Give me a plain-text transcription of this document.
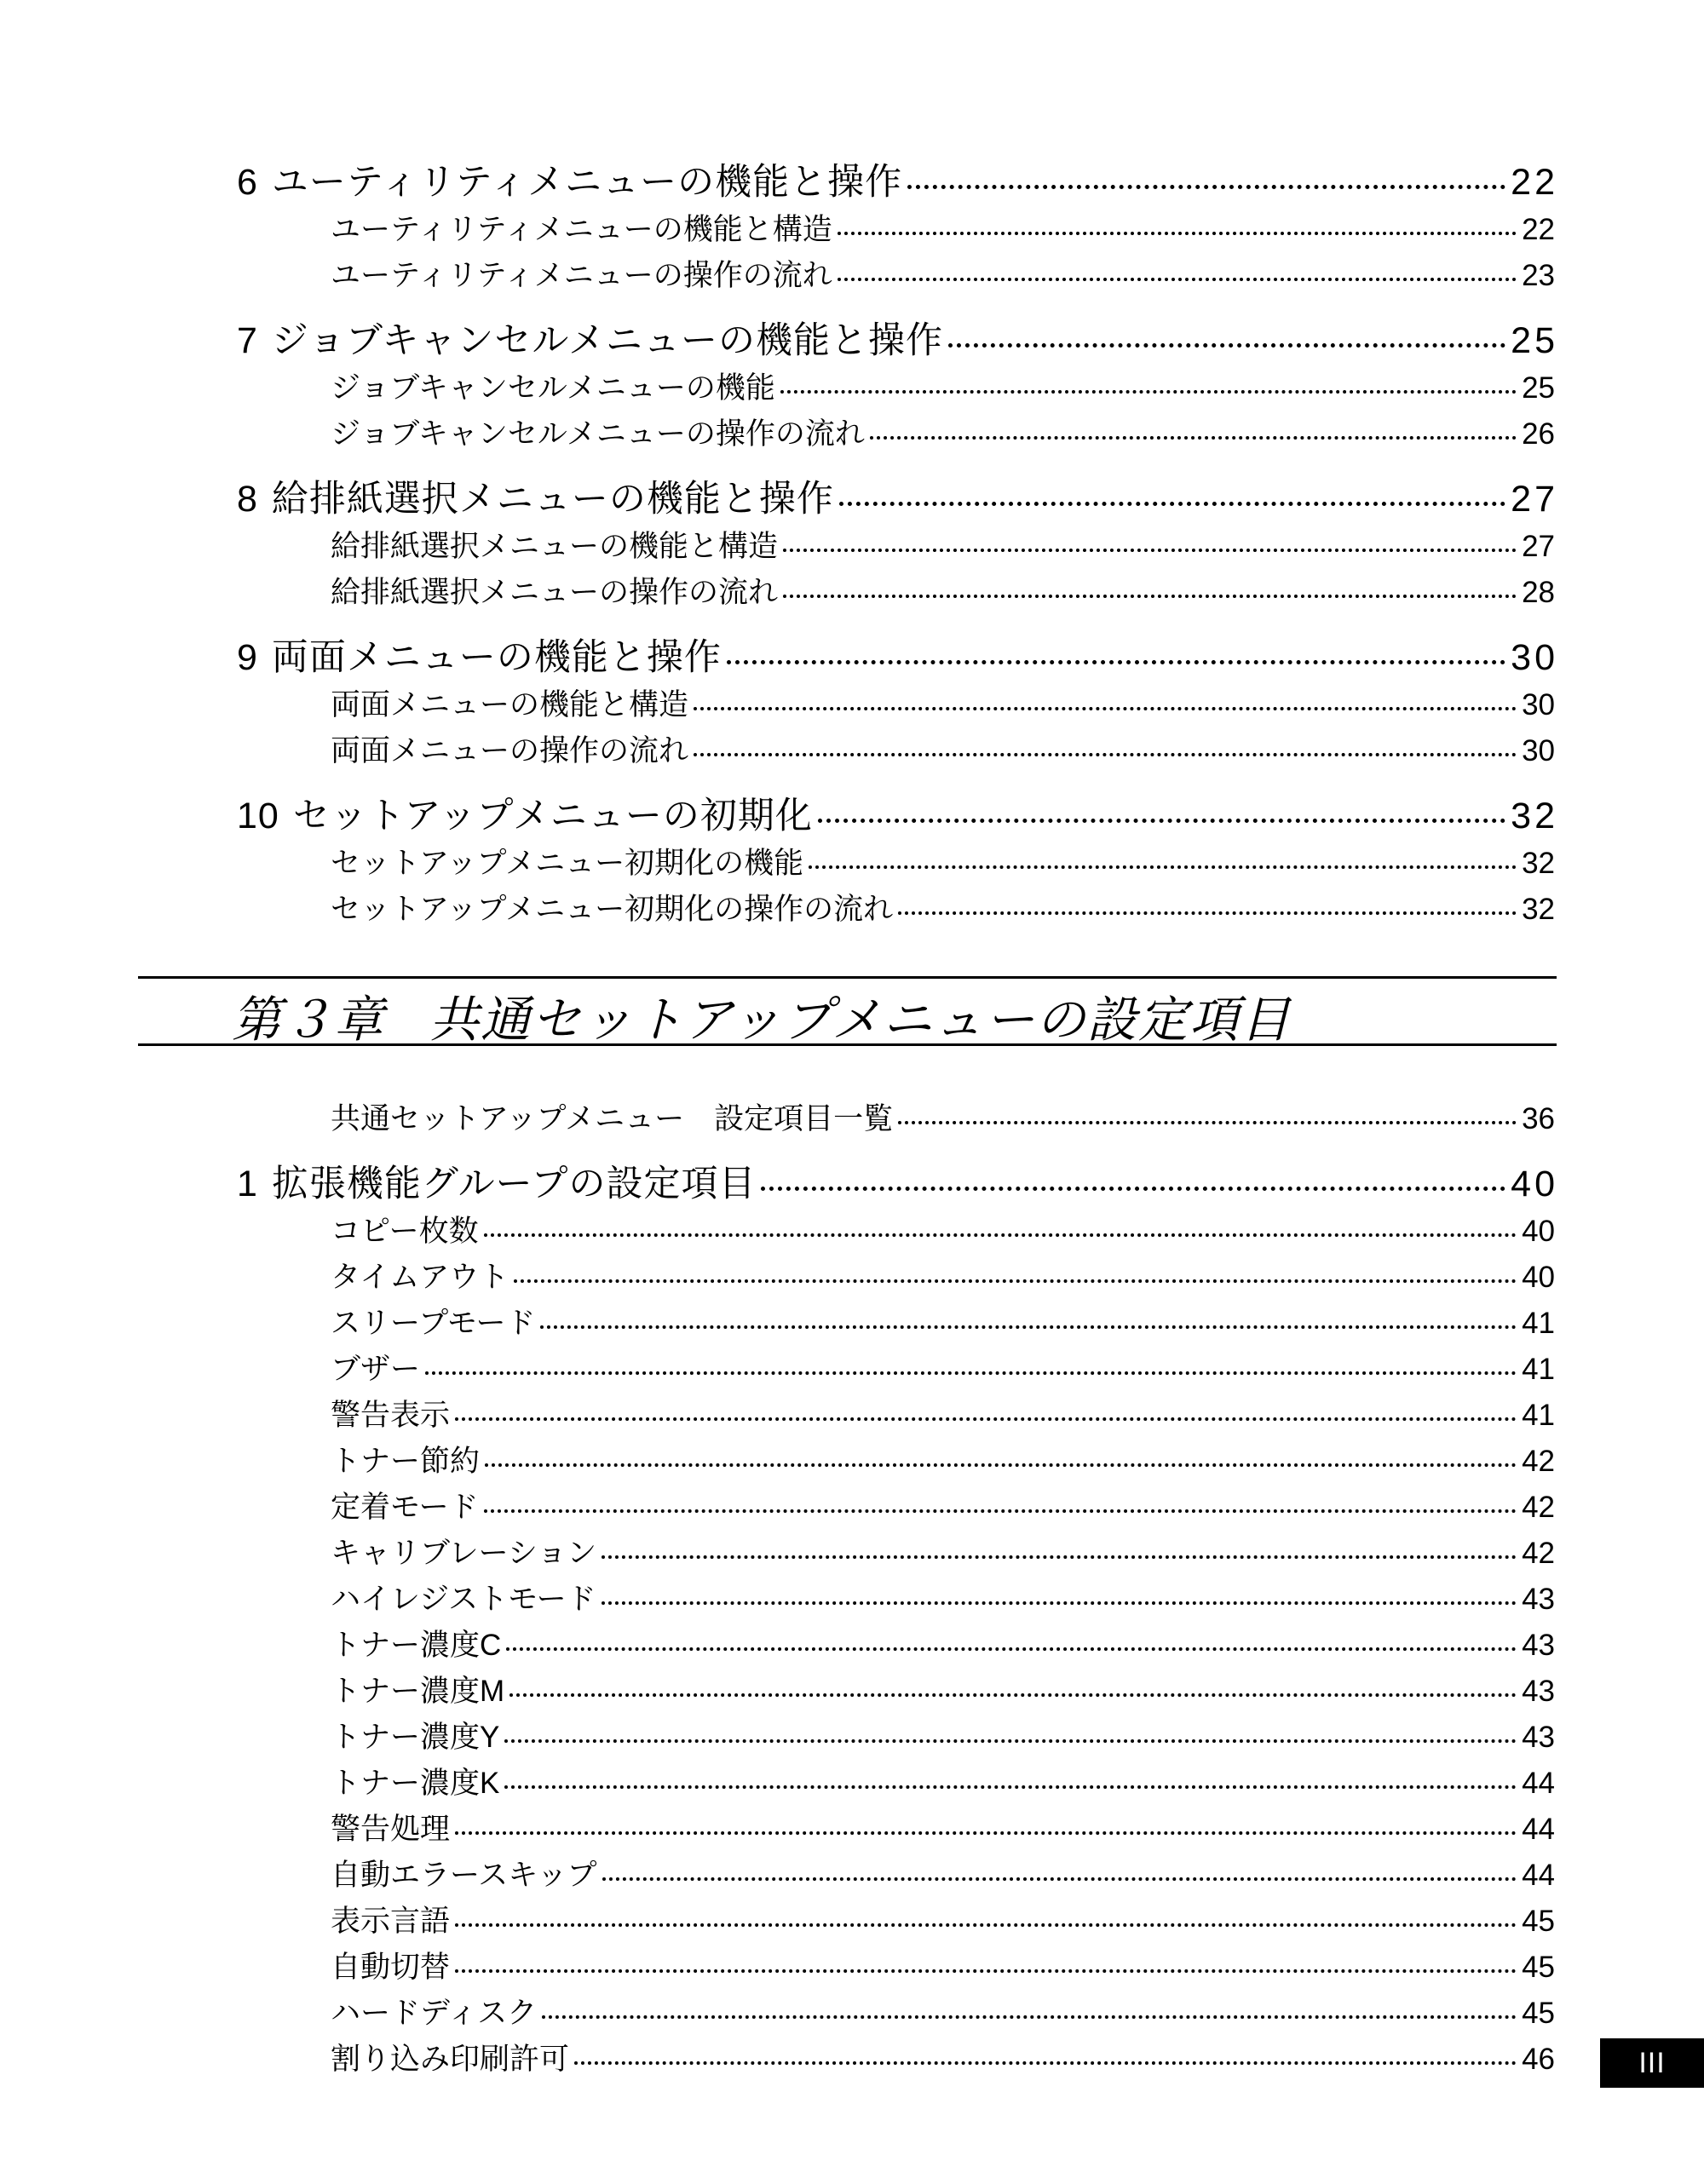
6 ユーティリティメニューの機能と操作	22
ユーティリティメニューの機能と構造	22
ユーティリティメニューの操作の流れ	23
7 ジョブキャンセルメニューの機能と操作	25
ジョブキャンセルメニューの機能	25
ジョブキャンセルメニューの操作の流れ	26
8 給排紙選択メニューの機能と操作	27
給排紙選択メニューの機能と構造	27
給排紙選択メニューの操作の流れ	28
9 両面メニューの機能と操作	30
両面メニューの機能と構造	30
両面メニューの操作の流れ	30
10 セットアップメニューの初期化	32
セットアップメニュー初期化の機能	32
セットアップメニュー初期化の操作の流れ	32
第３章 共通セットアップメニューの設定項目
共通セットアップメニュー　設定項目一覧	36
1 拡張機能グループの設定項目	40
コピー枚数	40
タイムアウト	40
スリープモード	41
ブザー	41
警告表示	41
トナー節約	42
定着モード	42
キャリブレーション	42
ハイレジストモード	43
トナー濃度C	43
トナー濃度M	43
トナー濃度Y	43
トナー濃度K	44
警告処理	44
自動エラースキップ	44
表示言語	45
自動切替	45
ハードディスク	45
割り込み印刷許可	46	III
